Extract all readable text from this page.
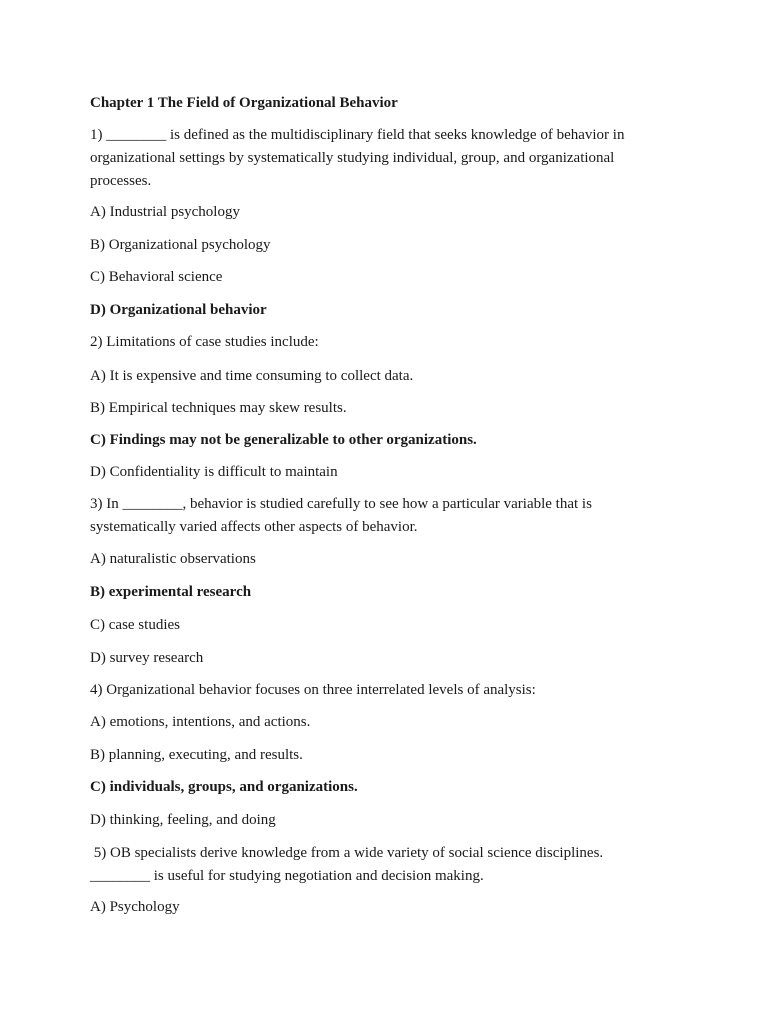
Chapter 1 The Field of Organizational Behavior
1) ________ is defined as the multidisciplinary field that seeks knowledge of behavior in
organizational settings by systematically studying individual, group, and organizational
processes.
A) Industrial psychology
B) Organizational psychology
C) Behavioral science
D) Organizational behavior
2) Limitations of case studies include:
A) It is expensive and time consuming to collect data.
B) Empirical techniques may skew results.
C) Findings may not be generalizable to other organizations.
D) Confidentiality is difficult to maintain
3) In ________, behavior is studied carefully to see how a particular variable that is
systematically varied affects other aspects of behavior.
A) naturalistic observations
B) experimental research
C) case studies
D) survey research
4) Organizational behavior focuses on three interrelated levels of analysis:
A) emotions, intentions, and actions.
B) planning, executing, and results.
C) individuals, groups, and organizations.
D) thinking, feeling, and doing
5) OB specialists derive knowledge from a wide variety of social science disciplines.
________ is useful for studying negotiation and decision making.
A) Psychology
